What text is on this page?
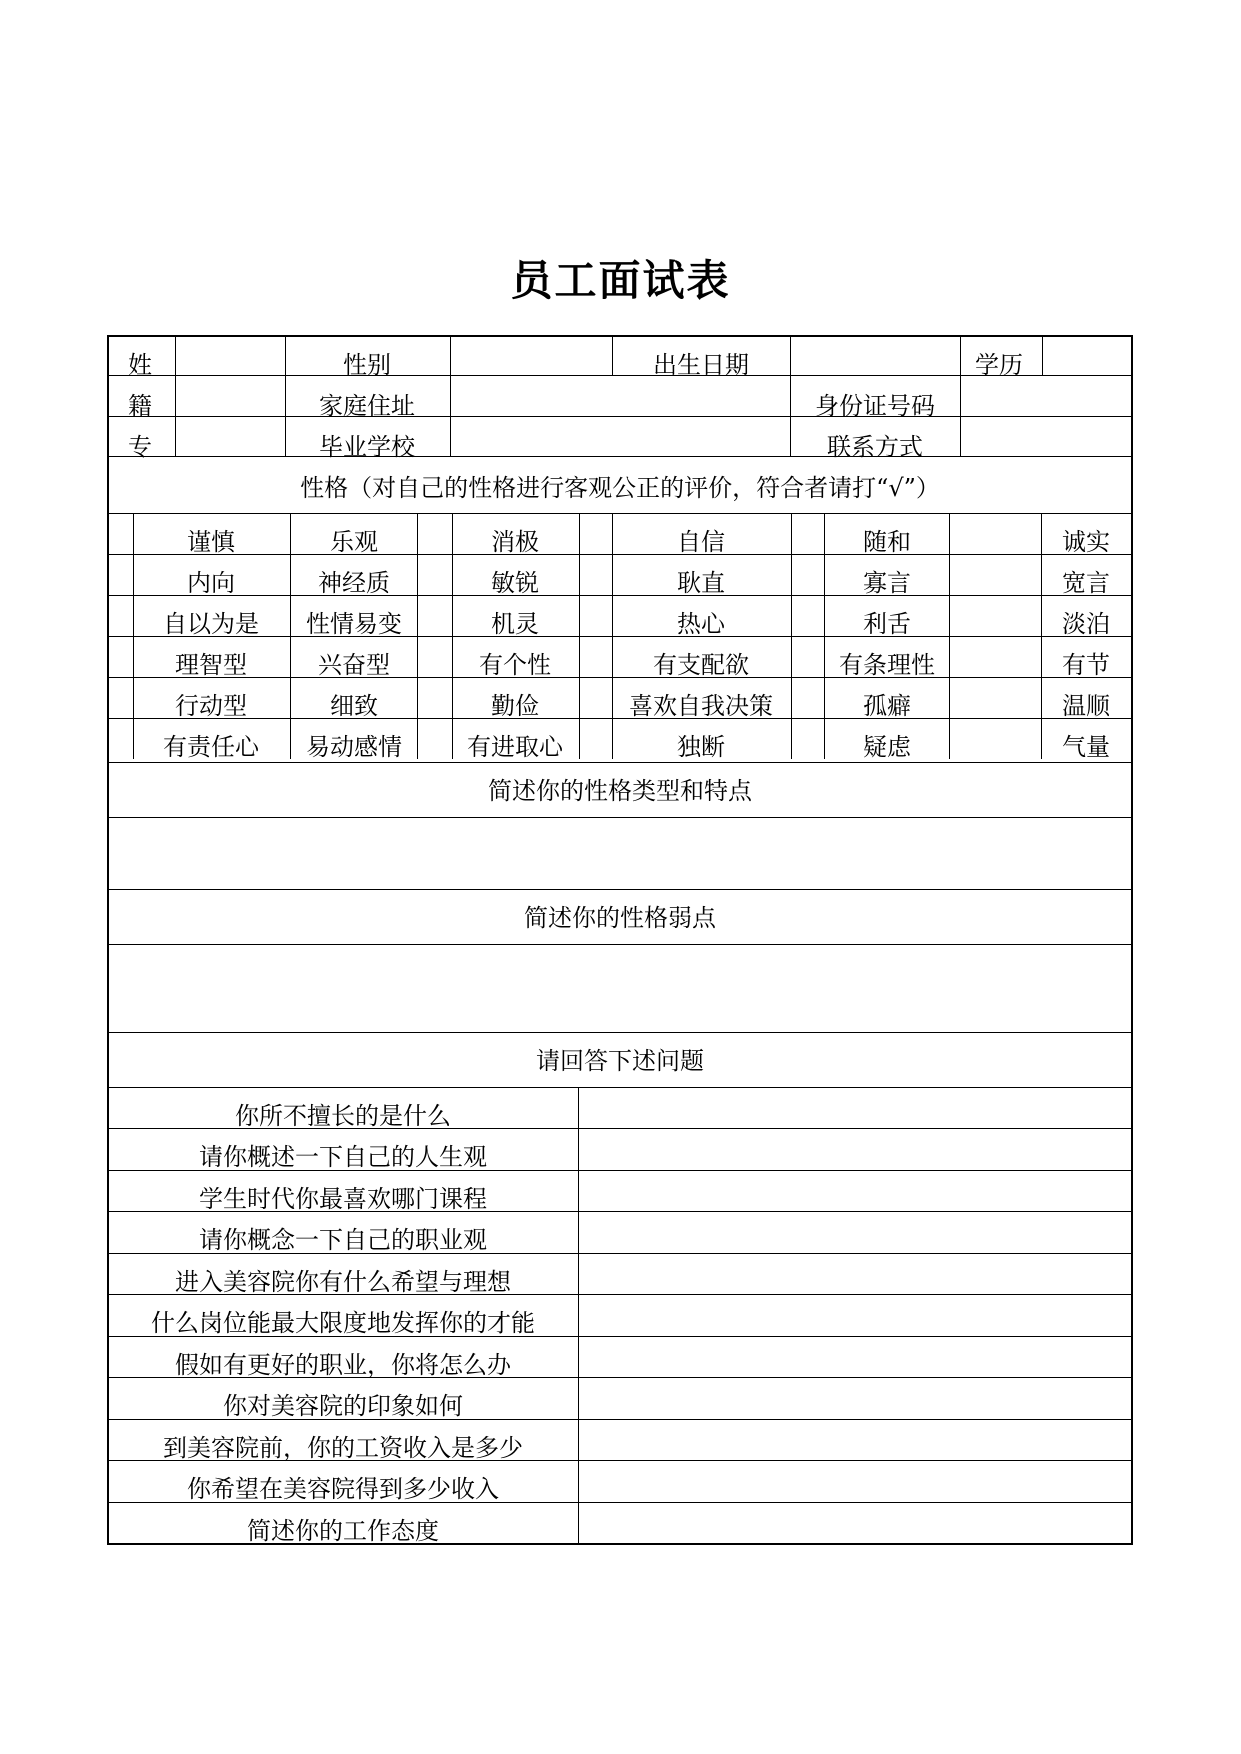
员工面试表
姓	性别	出生日期	学历
籍	家庭住址	身份证号码
专	毕业学校	联系方式
性格（对自己的性格进行客观公正的评价，符合者请打“√”）
谨慎	乐观	消极	自信	随和	诚实
内向	神经质	敏锐	耿直	寡言	宽言
自以为是 性情易变	机灵	热心	利舌	淡泊
理智型	兴奋型	有个性	有支配欲	有条理性	有节
行动型	细致	勤俭	喜欢自我决策	孤癖	温顺
有责任心 易动感情	有进取心	独断	疑虑	气量
简述你的性格类型和特点
简述你的性格弱点
请回答下述问题
你所不擅长的是什么
请你概述一下自己的人生观
学生时代你最喜欢哪门课程
请你概念一下自己的职业观
进入美容院你有什么希望与理想
什么岗位能最大限度地发挥你的才能
假如有更好的职业，你将怎么办
你对美容院的印象如何
到美容院前，你的工资收入是多少
你希望在美容院得到多少收入
简述你的工作态度
